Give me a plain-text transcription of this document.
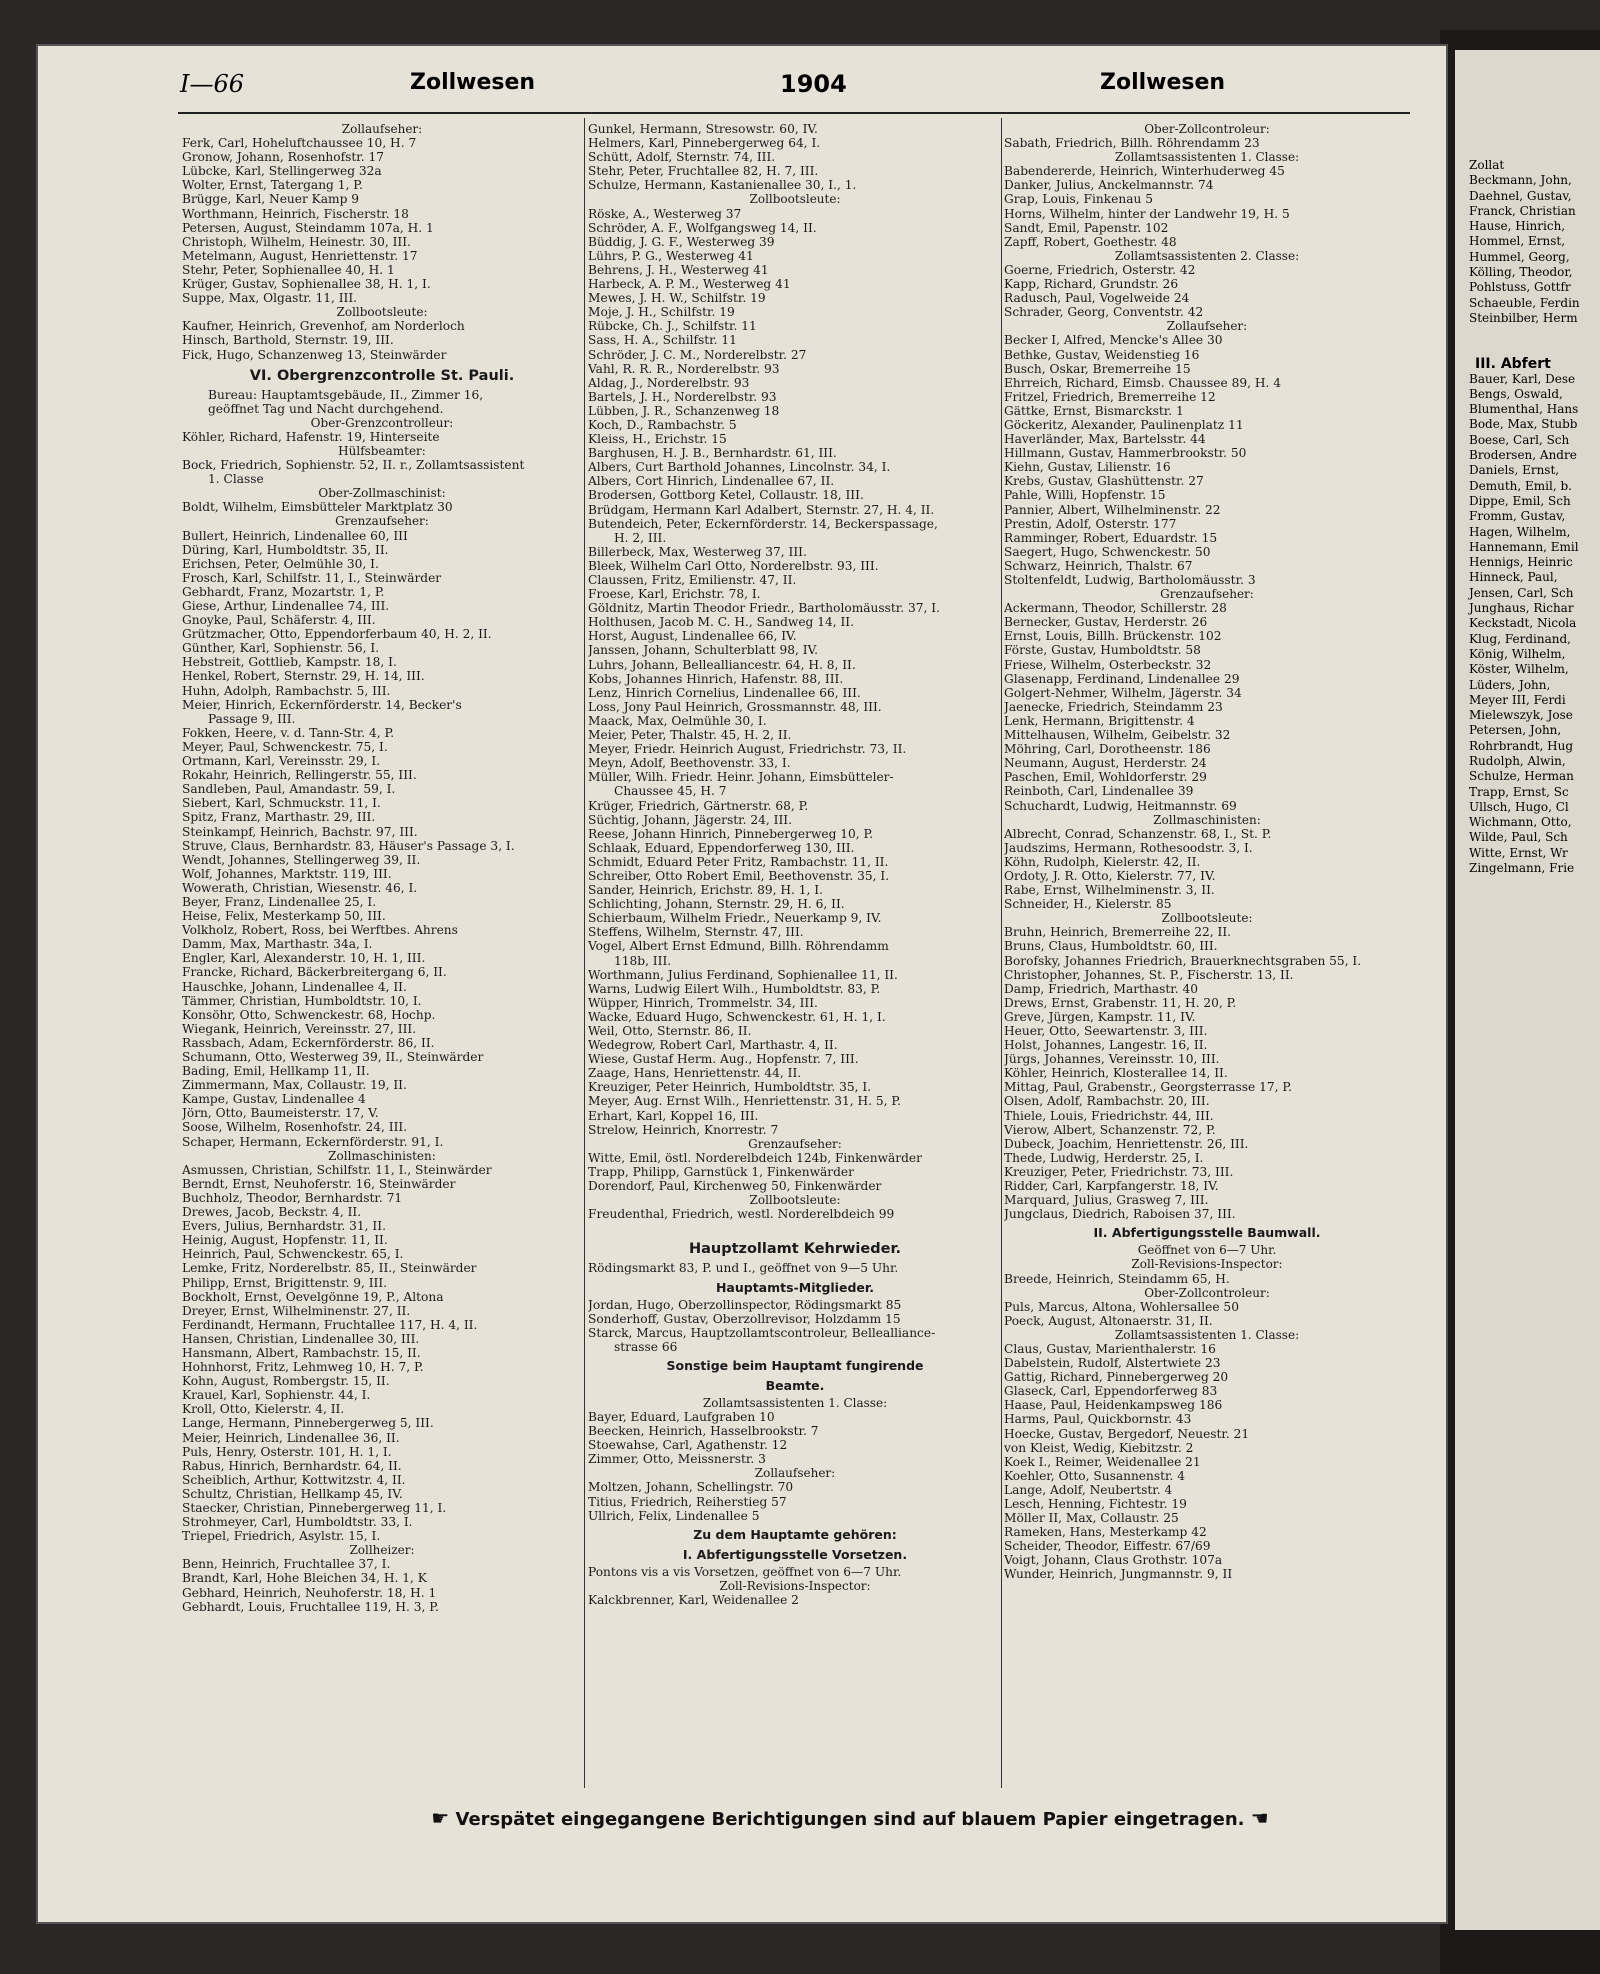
Zollat
Beckmann, John,
Daehnel, Gustav,
Franck, Christian
Hause, Hinrich,
Hommel, Ernst,
Hummel, Georg,
Kölling, Theodor,
Pohlstuss, Gottfr
Schaeuble, Ferdin
Steinbilber, Herm

III. Abfert
Bauer, Karl, Dese
Bengs, Oswald,
Blumenthal, Hans
Bode, Max, Stubb
Boese, Carl, Sch
Brodersen, Andre
Daniels, Ernst,
Demuth, Emil, b.
Dippe, Emil, Sch
Fromm, Gustav,
Hagen, Wilhelm,
Hannemann, Emil
Hennigs, Heinric
Hinneck, Paul,
Jensen, Carl, Sch
Junghaus, Richar
Keckstadt, Nicola
Klug, Ferdinand,
König, Wilhelm,
Köster, Wilhelm,
Lüders, John,
Meyer III, Ferdi
Mielewszyk, Jose
Petersen, John,
Rohrbrandt, Hug
Rudolph, Alwin,
Schulze, Herman
Trapp, Ernst, Sc
Ullsch, Hugo, Cl
Wichmann, Otto,
Wilde, Paul, Sch
Witte, Ernst, Wr
Zingelmann, Frie
I—66	Zollwesen	1904	Zollwesen
Zollaufseher:
Ferk, Carl, Hoheluftchaussee 10, H. 7
Gronow, Johann, Rosenhofstr. 17
Lübcke, Karl, Stellingerweg 32a
Wolter, Ernst, Tatergang 1, P.
Brügge, Karl, Neuer Kamp 9
Worthmann, Heinrich, Fischerstr. 18
Petersen, August, Steindamm 107a, H. 1
Christoph, Wilhelm, Heinestr. 30, III.
Metelmann, August, Henriettenstr. 17
Stehr, Peter, Sophienallee 40, H. 1
Krüger, Gustav, Sophienallee 38, H. 1, I.
Suppe, Max, Olgastr. 11, III.
Zollbootsleute:
Kaufner, Heinrich, Grevenhof, am Norderloch
Hinsch, Barthold, Sternstr. 19, III.
Fick, Hugo, Schanzenweg 13, Steinwärder
VI. Obergrenzcontrolle St. Pauli.
Bureau: Hauptamtsgebäude, II., Zimmer 16,
geöffnet Tag und Nacht durchgehend.
Ober-Grenzcontrolleur:
Köhler, Richard, Hafenstr. 19, Hinterseite
Hülfsbeamter:
Bock, Friedrich, Sophienstr. 52, II. r., Zollamtsassistent
1. Classe
Ober-Zollmaschinist:
Boldt, Wilhelm, Eimsbütteler Marktplatz 30
Grenzaufseher:
Bullert, Heinrich, Lindenallee 60, III
Düring, Karl, Humboldtstr. 35, II.
Erichsen, Peter, Oelmühle 30, I.
Frosch, Karl, Schilfstr. 11, I., Steinwärder
Gebhardt, Franz, Mozartstr. 1, P.
Giese, Arthur, Lindenallee 74, III.
Gnoyke, Paul, Schäferstr. 4, III.
Grützmacher, Otto, Eppendorferbaum 40, H. 2, II.
Günther, Karl, Sophienstr. 56, I.
Hebstreit, Gottlieb, Kampstr. 18, I.
Henkel, Robert, Sternstr. 29, H. 14, III.
Huhn, Adolph, Rambachstr. 5, III.
Meier, Hinrich, Eckernförderstr. 14, Becker's
Passage 9, III.
Fokken, Heere, v. d. Tann-Str. 4, P.
Meyer, Paul, Schwenckestr. 75, I.
Ortmann, Karl, Vereinsstr. 29, I.
Rokahr, Heinrich, Rellingerstr. 55, III.
Sandleben, Paul, Amandastr. 59, I.
Siebert, Karl, Schmuckstr. 11, I.
Spitz, Franz, Marthastr. 29, III.
Steinkampf, Heinrich, Bachstr. 97, III.
Struve, Claus, Bernhardstr. 83, Häuser's Passage 3, I.
Wendt, Johannes, Stellingerweg 39, II.
Wolf, Johannes, Marktstr. 119, III.
Wowerath, Christian, Wiesenstr. 46, I.
Beyer, Franz, Lindenallee 25, I.
Heise, Felix, Mesterkamp 50, III.
Volkholz, Robert, Ross, bei Werftbes. Ahrens
Damm, Max, Marthastr. 34a, I.
Engler, Karl, Alexanderstr. 10, H. 1, III.
Francke, Richard, Bäckerbreitergang 6, II.
Hauschke, Johann, Lindenallee 4, II.
Tämmer, Christian, Humboldtstr. 10, I.
Konsöhr, Otto, Schwenckestr. 68, Hochp.
Wiegank, Heinrich, Vereinsstr. 27, III.
Rassbach, Adam, Eckernförderstr. 86, II.
Schumann, Otto, Westerweg 39, II., Steinwärder
Bading, Emil, Hellkamp 11, II.
Zimmermann, Max, Collaustr. 19, II.
Kampe, Gustav, Lindenallee 4
Jörn, Otto, Baumeisterstr. 17, V.
Soose, Wilhelm, Rosenhofstr. 24, III.
Schaper, Hermann, Eckernförderstr. 91, I.
Zollmaschinisten:
Asmussen, Christian, Schilfstr. 11, I., Steinwärder
Berndt, Ernst, Neuhoferstr. 16, Steinwärder
Buchholz, Theodor, Bernhardstr. 71
Drewes, Jacob, Beckstr. 4, II.
Evers, Julius, Bernhardstr. 31, II.
Heinig, August, Hopfenstr. 11, II.
Heinrich, Paul, Schwenckestr. 65, I.
Lemke, Fritz, Norderelbstr. 85, II., Steinwärder
Philipp, Ernst, Brigittenstr. 9, III.
Bockholt, Ernst, Oevelgönne 19, P., Altona
Dreyer, Ernst, Wilhelminenstr. 27, II.
Ferdinandt, Hermann, Fruchtallee 117, H. 4, II.
Hansen, Christian, Lindenallee 30, III.
Hansmann, Albert, Rambachstr. 15, II.
Hohnhorst, Fritz, Lehmweg 10, H. 7, P.
Kohn, August, Rombergstr. 15, II.
Krauel, Karl, Sophienstr. 44, I.
Kroll, Otto, Kielerstr. 4, II.
Lange, Hermann, Pinnebergerweg 5, III.
Meier, Heinrich, Lindenallee 36, II.
Puls, Henry, Osterstr. 101, H. 1, I.
Rabus, Hinrich, Bernhardstr. 64, II.
Scheiblich, Arthur, Kottwitzstr. 4, II.
Schultz, Christian, Hellkamp 45, IV.
Staecker, Christian, Pinnebergerweg 11, I.
Strohmeyer, Carl, Humboldtstr. 33, I.
Triepel, Friedrich, Asylstr. 15, I.
Zollheizer:
Benn, Heinrich, Fruchtallee 37, I.
Brandt, Karl, Hohe Bleichen 34, H. 1, K
Gebhard, Heinrich, Neuhoferstr. 18, H. 1
Gebhardt, Louis, Fruchtallee 119, H. 3, P.
Gunkel, Hermann, Stresowstr. 60, IV.
Helmers, Karl, Pinnebergerweg 64, I.
Schütt, Adolf, Sternstr. 74, III.
Stehr, Peter, Fruchtallee 82, H. 7, III.
Schulze, Hermann, Kastanienallee 30, I., 1.
Zollbootsleute:
Röske, A., Westerweg 37
Schröder, A. F., Wolfgangsweg 14, II.
Büddig, J. G. F., Westerweg 39
Lührs, P. G., Westerweg 41
Behrens, J. H., Westerweg 41
Harbeck, A. P. M., Westerweg 41
Mewes, J. H. W., Schilfstr. 19
Moje, J. H., Schilfstr. 19
Rübcke, Ch. J., Schilfstr. 11
Sass, H. A., Schilfstr. 11
Schröder, J. C. M., Norderelbstr. 27
Vahl, R. R. R., Norderelbstr. 93
Aldag, J., Norderelbstr. 93
Bartels, J. H., Norderelbstr. 93
Lübben, J. R., Schanzenweg 18
Koch, D., Rambachstr. 5
Kleiss, H., Erichstr. 15
Barghusen, H. J. B., Bernhardstr. 61, III.
Albers, Curt Barthold Johannes, Lincolnstr. 34, I.
Albers, Cort Hinrich, Lindenallee 67, II.
Brodersen, Gottborg Ketel, Collaustr. 18, III.
Brüdgam, Hermann Karl Adalbert, Sternstr. 27, H. 4, II.
Butendeich, Peter, Eckernförderstr. 14, Beckerspassage,
H. 2, III.
Billerbeck, Max, Westerweg 37, III.
Bleek, Wilhelm Carl Otto, Norderelbstr. 93, III.
Claussen, Fritz, Emilienstr. 47, II.
Froese, Karl, Erichstr. 78, I.
Göldnitz, Martin Theodor Friedr., Bartholomäusstr. 37, I.
Holthusen, Jacob M. C. H., Sandweg 14, II.
Horst, August, Lindenallee 66, IV.
Janssen, Johann, Schulterblatt 98, IV.
Luhrs, Johann, Bellealliancestr. 64, H. 8, II.
Kobs, Johannes Hinrich, Hafenstr. 88, III.
Lenz, Hinrich Cornelius, Lindenallee 66, III.
Loss, Jony Paul Heinrich, Grossmannstr. 48, III.
Maack, Max, Oelmühle 30, I.
Meier, Peter, Thalstr. 45, H. 2, II.
Meyer, Friedr. Heinrich August, Friedrichstr. 73, II.
Meyn, Adolf, Beethovenstr. 33, I.
Müller, Wilh. Friedr. Heinr. Johann, Eimsbütteler-
Chaussee 45, H. 7
Krüger, Friedrich, Gärtnerstr. 68, P.
Süchtig, Johann, Jägerstr. 24, III.
Reese, Johann Hinrich, Pinnebergerweg 10, P.
Schlaak, Eduard, Eppendorferweg 130, III.
Schmidt, Eduard Peter Fritz, Rambachstr. 11, II.
Schreiber, Otto Robert Emil, Beethovenstr. 35, I.
Sander, Heinrich, Erichstr. 89, H. 1, I.
Schlichting, Johann, Sternstr. 29, H. 6, II.
Schierbaum, Wilhelm Friedr., Neuerkamp 9, IV.
Steffens, Wilhelm, Sternstr. 47, III.
Vogel, Albert Ernst Edmund, Billh. Röhrendamm
118b, III.
Worthmann, Julius Ferdinand, Sophienallee 11, II.
Warns, Ludwig Eilert Wilh., Humboldtstr. 83, P.
Wüpper, Hinrich, Trommelstr. 34, III.
Wacke, Eduard Hugo, Schwenckestr. 61, H. 1, I.
Weil, Otto, Sternstr. 86, II.
Wedegrow, Robert Carl, Marthastr. 4, II.
Wiese, Gustaf Herm. Aug., Hopfenstr. 7, III.
Zaage, Hans, Henriettenstr. 44, II.
Kreuziger, Peter Heinrich, Humboldtstr. 35, I.
Meyer, Aug. Ernst Wilh., Henriettenstr. 31, H. 5, P.
Erhart, Karl, Koppel 16, III.
Strelow, Heinrich, Knorrestr. 7
Grenzaufseher:
Witte, Emil, östl. Norderelbdeich 124b, Finkenwärder
Trapp, Philipp, Garnstück 1, Finkenwärder
Dorendorf, Paul, Kirchenweg 50, Finkenwärder
Zollbootsleute:
Freudenthal, Friedrich, westl. Norderelbdeich 99

Hauptzollamt Kehrwieder.
Rödingsmarkt 83, P. und I., geöffnet von 9—5 Uhr.
Hauptamts-Mitglieder.
Jordan, Hugo, Oberzollinspector, Rödingsmarkt 85
Sonderhoff, Gustav, Oberzollrevisor, Holzdamm 15
Starck, Marcus, Hauptzollamtscontroleur, Bellealliance-
strasse 66
Sonstige beim Hauptamt fungirende
Beamte.
Zollamtsassistenten 1. Classe:
Bayer, Eduard, Laufgraben 10
Beecken, Heinrich, Hasselbrookstr. 7
Stoewahse, Carl, Agathenstr. 12
Zimmer, Otto, Meissnerstr. 3
Zollaufseher:
Moltzen, Johann, Schellingstr. 70
Titius, Friedrich, Reiherstieg 57
Ullrich, Felix, Lindenallee 5
Zu dem Hauptamte gehören:
I. Abfertigungsstelle Vorsetzen.
Pontons vis a vis Vorsetzen, geöffnet von 6—7 Uhr.
Zoll-Revisions-Inspector:
Kalckbrenner, Karl, Weidenallee 2
Ober-Zollcontroleur:
Sabath, Friedrich, Billh. Röhrendamm 23
Zollamtsassistenten 1. Classe:
Babendererde, Heinrich, Winterhuderweg 45
Danker, Julius, Anckelmannstr. 74
Grap, Louis, Finkenau 5
Horns, Wilhelm, hinter der Landwehr 19, H. 5
Sandt, Emil, Papenstr. 102
Zapff, Robert, Goethestr. 48
Zollamtsassistenten 2. Classe:
Goerne, Friedrich, Osterstr. 42
Kapp, Richard, Grundstr. 26
Radusch, Paul, Vogelweide 24
Schrader, Georg, Conventstr. 42
Zollaufseher:
Becker I, Alfred, Mencke's Allee 30
Bethke, Gustav, Weidenstieg 16
Busch, Oskar, Bremerreihe 15
Ehrreich, Richard, Eimsb. Chaussee 89, H. 4
Fritzel, Friedrich, Bremerreihe 12
Gättke, Ernst, Bismarckstr. 1
Göckeritz, Alexander, Paulinenplatz 11
Haverländer, Max, Bartelsstr. 44
Hillmann, Gustav, Hammerbrookstr. 50
Kiehn, Gustav, Lilienstr. 16
Krebs, Gustav, Glashüttenstr. 27
Pahle, Willi, Hopfenstr. 15
Pannier, Albert, Wilhelminenstr. 22
Prestin, Adolf, Osterstr. 177
Ramminger, Robert, Eduardstr. 15
Saegert, Hugo, Schwenckestr. 50
Schwarz, Heinrich, Thalstr. 67
Stoltenfeldt, Ludwig, Bartholomäusstr. 3
Grenzaufseher:
Ackermann, Theodor, Schillerstr. 28
Bernecker, Gustav, Herderstr. 26
Ernst, Louis, Billh. Brückenstr. 102
Förste, Gustav, Humboldtstr. 58
Friese, Wilhelm, Osterbeckstr. 32
Glasenapp, Ferdinand, Lindenallee 29
Golgert-Nehmer, Wilhelm, Jägerstr. 34
Jaenecke, Friedrich, Steindamm 23
Lenk, Hermann, Brigittenstr. 4
Mittelhausen, Wilhelm, Geibelstr. 32
Möhring, Carl, Dorotheenstr. 186
Neumann, August, Herderstr. 24
Paschen, Emil, Wohldorferstr. 29
Reinboth, Carl, Lindenallee 39
Schuchardt, Ludwig, Heitmannstr. 69
Zollmaschinisten:
Albrecht, Conrad, Schanzenstr. 68, I., St. P.
Jaudszims, Hermann, Rothesoodstr. 3, I.
Köhn, Rudolph, Kielerstr. 42, II.
Ordoty, J. R. Otto, Kielerstr. 77, IV.
Rabe, Ernst, Wilhelminenstr. 3, II.
Schneider, H., Kielerstr. 85
Zollbootsleute:
Bruhn, Heinrich, Bremerreihe 22, II.
Bruns, Claus, Humboldtstr. 60, III.
Borofsky, Johannes Friedrich, Brauerknechtsgraben 55, I.
Christopher, Johannes, St. P., Fischerstr. 13, II.
Damp, Friedrich, Marthastr. 40
Drews, Ernst, Grabenstr. 11, H. 20, P.
Greve, Jürgen, Kampstr. 11, IV.
Heuer, Otto, Seewartenstr. 3, III.
Holst, Johannes, Langestr. 16, II.
Jürgs, Johannes, Vereinsstr. 10, III.
Köhler, Heinrich, Klosterallee 14, II.
Mittag, Paul, Grabenstr., Georgsterrasse 17, P.
Olsen, Adolf, Rambachstr. 20, III.
Thiele, Louis, Friedrichstr. 44, III.
Vierow, Albert, Schanzenstr. 72, P.
Dubeck, Joachim, Henriettenstr. 26, III.
Thede, Ludwig, Herderstr. 25, I.
Kreuziger, Peter, Friedrichstr. 73, III.
Ridder, Carl, Karpfangerstr. 18, IV.
Marquard, Julius, Grasweg 7, III.
Jungclaus, Diedrich, Raboisen 37, III.
II. Abfertigungsstelle Baumwall.
Geöffnet von 6—7 Uhr.
Zoll-Revisions-Inspector:
Breede, Heinrich, Steindamm 65, H.
Ober-Zollcontroleur:
Puls, Marcus, Altona, Wohlersallee 50
Poeck, August, Altonaerstr. 31, II.
Zollamtsassistenten 1. Classe:
Claus, Gustav, Marienthalerstr. 16
Dabelstein, Rudolf, Alstertwiete 23
Gattig, Richard, Pinnebergerweg 20
Glaseck, Carl, Eppendorferweg 83
Haase, Paul, Heidenkampsweg 186
Harms, Paul, Quickbornstr. 43
Hoecke, Gustav, Bergedorf, Neuestr. 21
von Kleist, Wedig, Kiebitzstr. 2
Koek I., Reimer, Weidenallee 21
Koehler, Otto, Susannenstr. 4
Lange, Adolf, Neubertstr. 4
Lesch, Henning, Fichtestr. 19
Möller II, Max, Collaustr. 25
Rameken, Hans, Mesterkamp 42
Scheider, Theodor, Eiffestr. 67/69
Voigt, Johann, Claus Grothstr. 107a
Wunder, Heinrich, Jungmannstr. 9, II
☛ Verspätet eingegangene Berichtigungen sind auf blauem Papier eingetragen. ☚
